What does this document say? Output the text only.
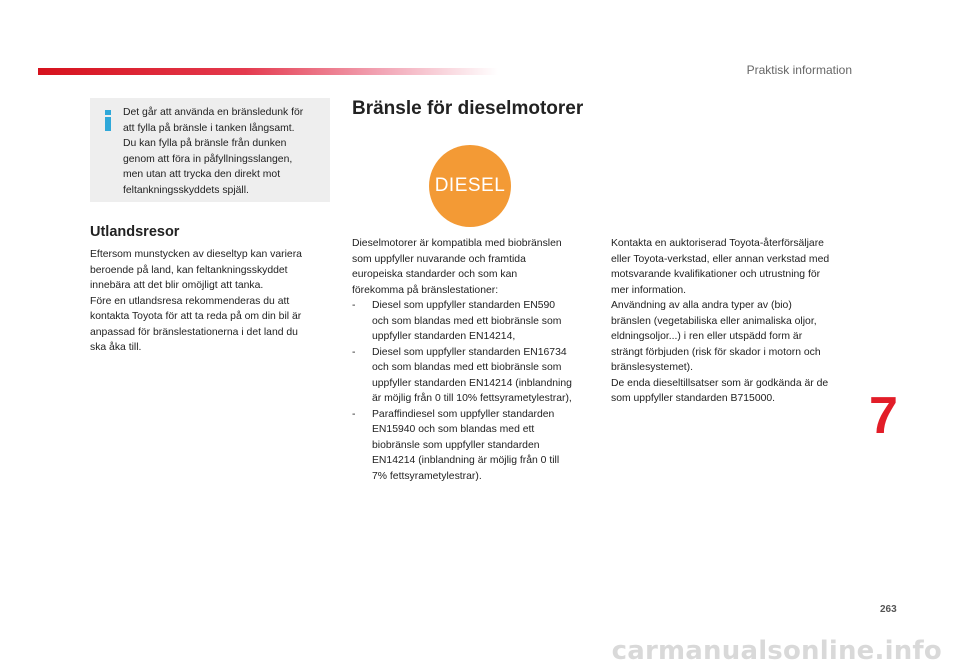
Praktisk information

Det går att använda en bränsledunk för
att fylla på bränsle i tanken långsamt.
Du kan fylla på bränsle från dunken
genom att föra in påfyllningsslangen,
men utan att trycka den direkt mot
feltankningsskyddets spjäll.

Utlandsresor

Eftersom munstycken av dieseltyp kan variera
beroende på land, kan feltankningsskyddet
innebära att det blir omöjligt att tanka.
Före en utlandsresa rekommenderas du att
kontakta Toyota för att ta reda på om din bil är
anpassad för bränslestationerna i det land du
ska åka till.

Bränsle för dieselmotorer
DIESEL

Dieselmotorer är kompatibla med biobränslen
som uppfyller nuvarande och framtida
europeiska standarder och som kan
förekomma på bränslestationer:

- Diesel som uppfyller standarden EN590
och som blandas med ett biobränsle som
uppfyller standarden EN14214,
- Diesel som uppfyller standarden EN16734
och som blandas med ett biobränsle som
uppfyller standarden EN14214 (inblandning
är möjlig från 0 till 10% fettsyrametylestrar),
- Paraffindiesel som uppfyller standarden
EN15940 och som blandas med ett
biobränsle som uppfyller standarden
EN14214 (inblandning är möjlig från 0 till
7% fettsyrametylestrar).

Kontakta en auktoriserad Toyota-återförsäljare
eller Toyota-verkstad, eller annan verkstad med
motsvarande kvalifikationer och utrustning för
mer information.
Användning av alla andra typer av (bio)
bränslen (vegetabiliska eller animaliska oljor,
eldningsoljor...) i ren eller utspädd form är
strängt förbjuden (risk för skador i motorn och
bränslesystemet).
De enda dieseltillsatser som är godkända är de
som uppfyller standarden B715000.	7
263
carmanualsonline.info
